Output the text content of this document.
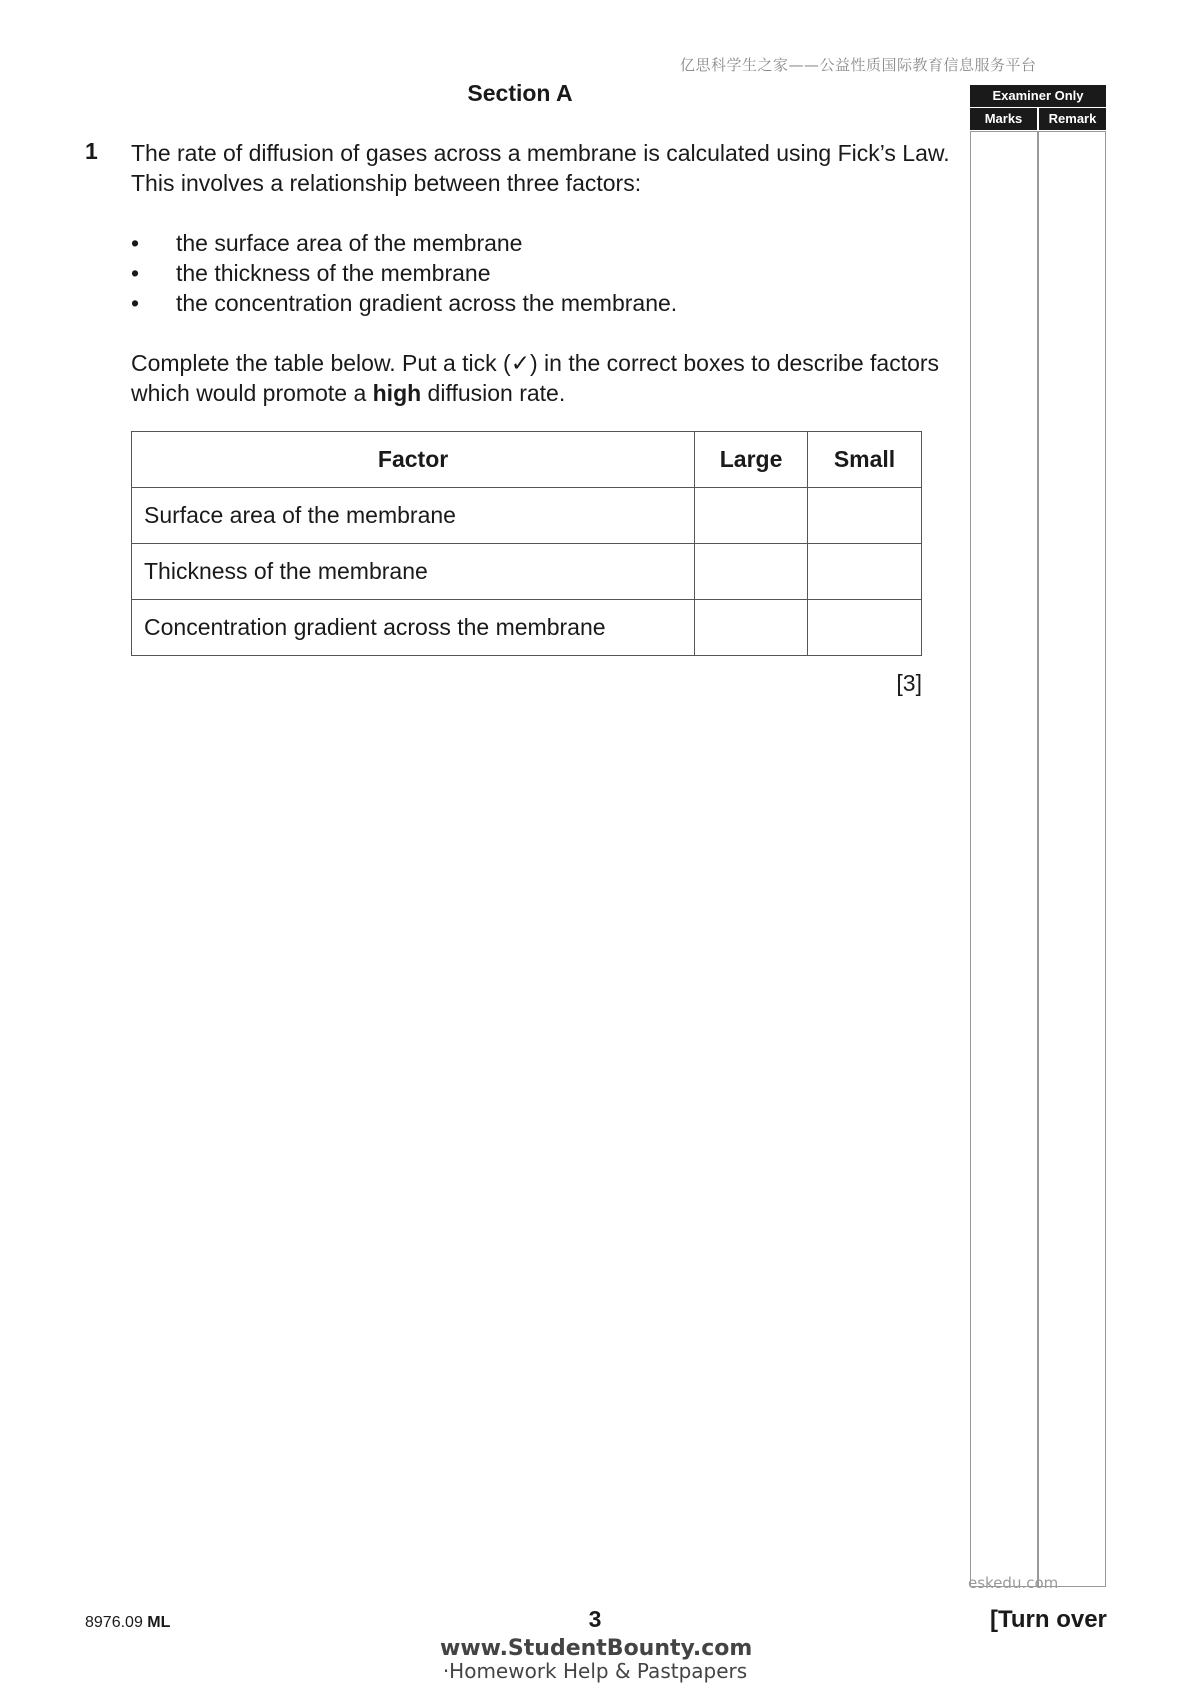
亿思科学生之家——公益性质国际教育信息服务平台
Section A	Examiner Only
Marks	Remark
1 The rate of diffusion of gases across a membrane is calculated using Fick’s Law. This involves a relationship between three factors:
• the surface area of the membrane
• the thickness of the membrane
• the concentration gradient across the membrane.
Complete the table below. Put a tick (✓) in the correct boxes to describe factors which would promote a high diffusion rate.
Factor	Large	Small
Surface area of the membrane		
Thickness of the membrane		
Concentration gradient across the membrane		
[3]
eskedu.com
8976.09 ML	3	[Turn over
www.StudentBounty.com
·Homework Help & Pastpapers
